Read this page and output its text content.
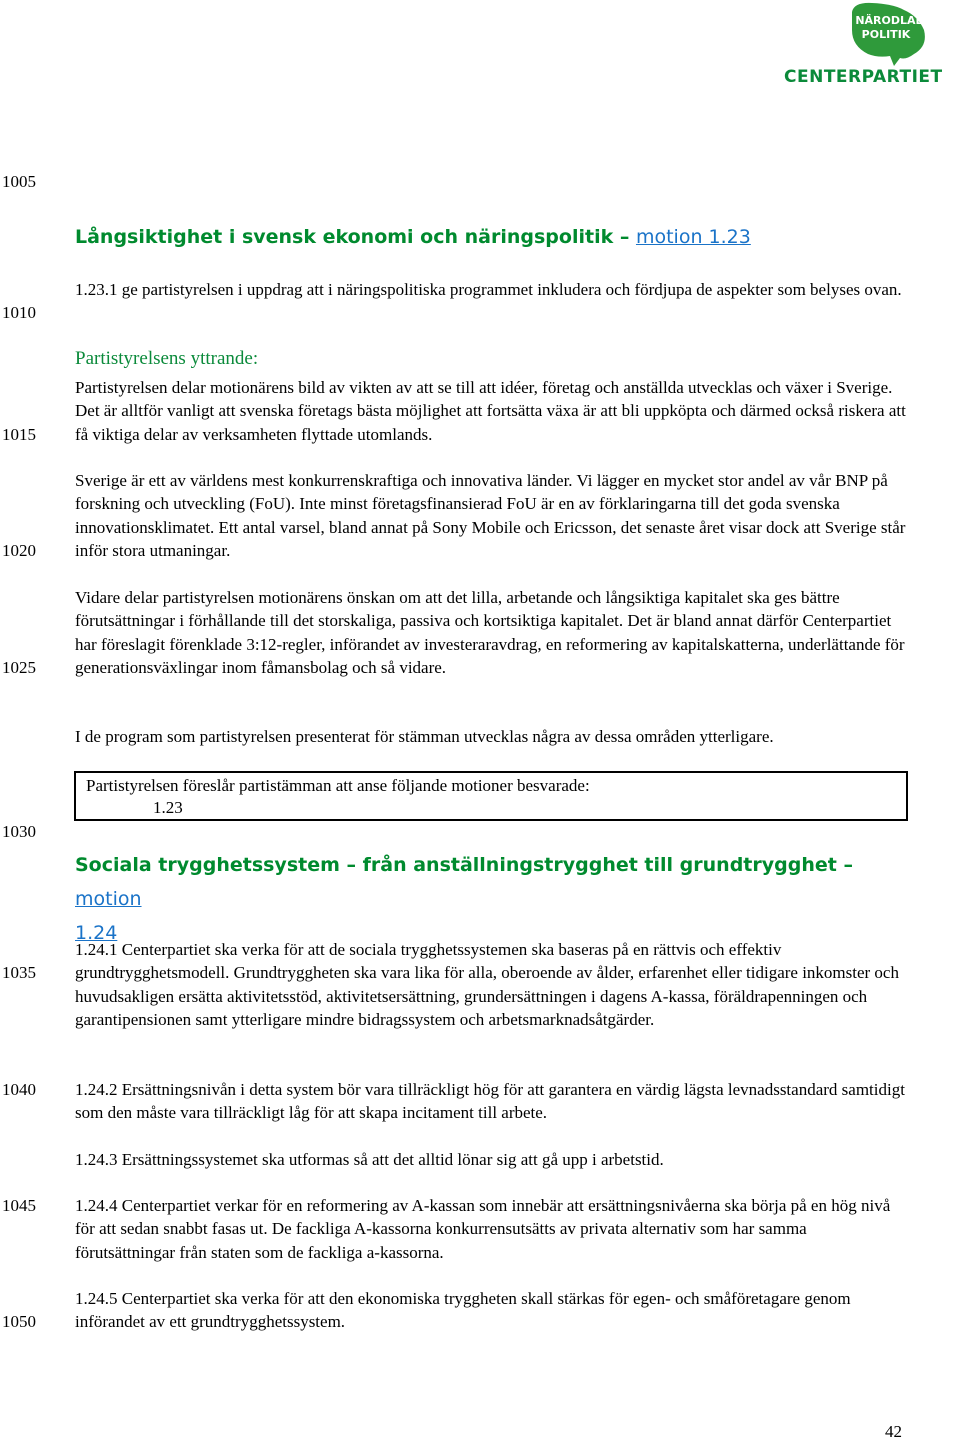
NÄRODLAD
POLITIK
CENTERPARTIET
1005
1010
1015
1020
1025
1030
1035
1040
1045
1050
Långsiktighet i svensk ekonomi och näringspolitik – motion 1.23

1.23.1 ge partistyrelsen i uppdrag att i näringspolitiska programmet inkludera och fördjupa de aspekter som belyses ovan.

Partistyrelsens yttrande:

Partistyrelsen delar motionärens bild av vikten av att se till att idéer, företag och anställda utvecklas och växer i Sverige. Det är alltför vanligt att svenska företags bästa möjlighet att fortsätta växa är att bli uppköpta och därmed också riskera att få viktiga delar av verksamheten flyttade utomlands.

Sverige är ett av världens mest konkurrenskraftiga och innovativa länder. Vi lägger en mycket stor andel av vår BNP på forskning och utveckling (FoU). Inte minst företagsfinansierad FoU är en av förklaringarna till det goda svenska innovationsklimatet. Ett antal varsel, bland annat på Sony Mobile och Ericsson, det senaste året visar dock att Sverige står inför stora utmaningar.

Vidare delar partistyrelsen motionärens önskan om att det lilla, arbetande och långsiktiga kapitalet ska ges bättre förutsättningar i förhållande till det storskaliga, passiva och kortsiktiga kapitalet. Det är bland annat därför Centerpartiet har föreslagit förenklade 3:12-regler, införandet av investeraravdrag, en reformering av kapitalskatterna, underlättande för generationsväxlingar inom fåmansbolag och så vidare.

I de program som partistyrelsen presenterat för stämman utvecklas några av dessa områden ytterligare.

Partistyrelsen föreslår partistämman att anse följande motioner besvarade:
1.23
Sociala trygghetssystem – från anställningstrygghet till grundtrygghet – motion
1.24

1.24.1 Centerpartiet ska verka för att de sociala trygghetssystemen ska baseras på en rättvis och effektiv grundtrygghetsmodell. Grundtryggheten ska vara lika för alla, oberoende av ålder, erfarenhet eller tidigare inkomster och huvudsakligen ersätta aktivitetsstöd, aktivitetsersättning, grundersättningen i dagens A-kassa, föräldrapenningen och garantipensionen samt ytterligare mindre bidragssystem och arbetsmarknadsåtgärder.

1.24.2 Ersättningsnivån i detta system bör vara tillräckligt hög för att garantera en värdig lägsta levnadsstandard samtidigt som den måste vara tillräckligt låg för att skapa incitament till arbete.

1.24.3 Ersättningssystemet ska utformas så att det alltid lönar sig att gå upp i arbetstid.

1.24.4 Centerpartiet verkar för en reformering av A-kassan som innebär att ersättningsnivåerna ska börja på en hög nivå för att sedan snabbt fasas ut. De fackliga A-kassorna konkurrensutsätts av privata alternativ som har samma förutsättningar från staten som de fackliga a-kassorna.

1.24.5 Centerpartiet ska verka för att den ekonomiska tryggheten skall stärkas för egen- och småföretagare genom införandet av ett grundtrygghetssystem.

42
